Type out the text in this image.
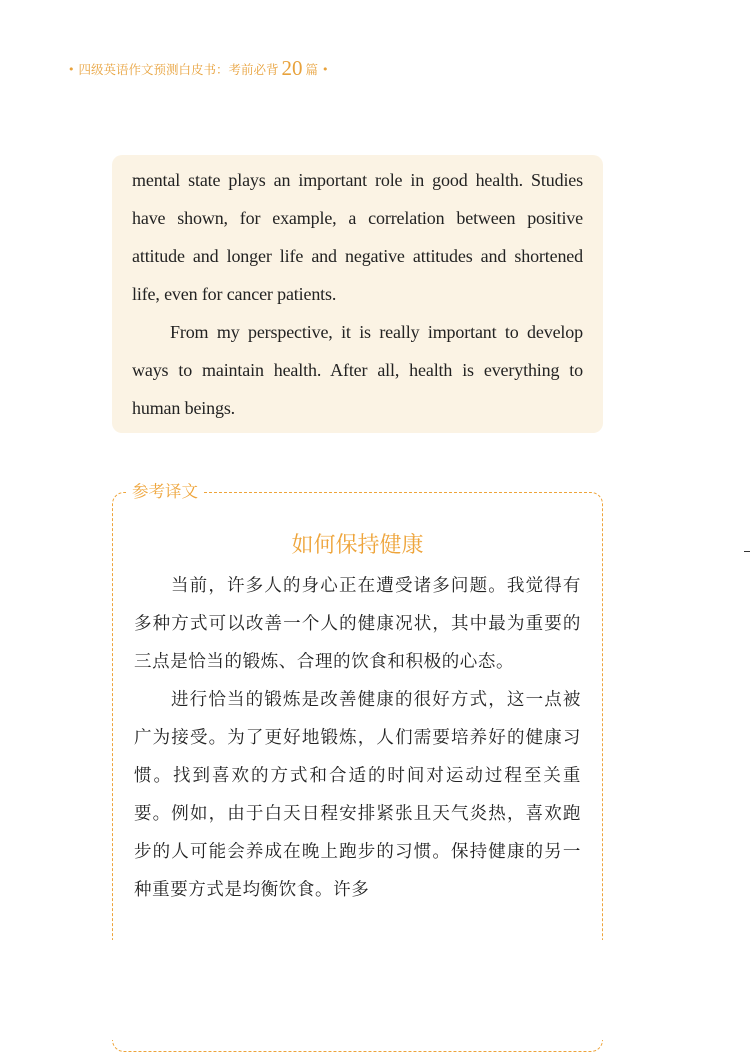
• 四级英语作文预测白皮书：考前必背 20 篇 •

mental state plays an important role in good health. Studies have shown, for example, a correlation between positive attitude and longer life and negative attitudes and shortened life, even for cancer patients.

From my perspective, it is really important to develop ways to maintain health. After all, health is everything to human beings.

参考译文
如何保持健康

当前，许多人的身心正在遭受诸多问题。我觉得有多种方式可以改善一个人的健康况状，其中最为重要的三点是恰当的锻炼、合理的饮食和积极的心态。

进行恰当的锻炼是改善健康的很好方式，这一点被广为接受。为了更好地锻炼，人们需要培养好的健康习惯。找到喜欢的方式和合适的时间对运动过程至关重要。例如，由于白天日程安排紧张且天气炎热，喜欢跑步的人可能会养成在晚上跑步的习惯。保持健康的另一种重要方式是均衡饮食。许多
